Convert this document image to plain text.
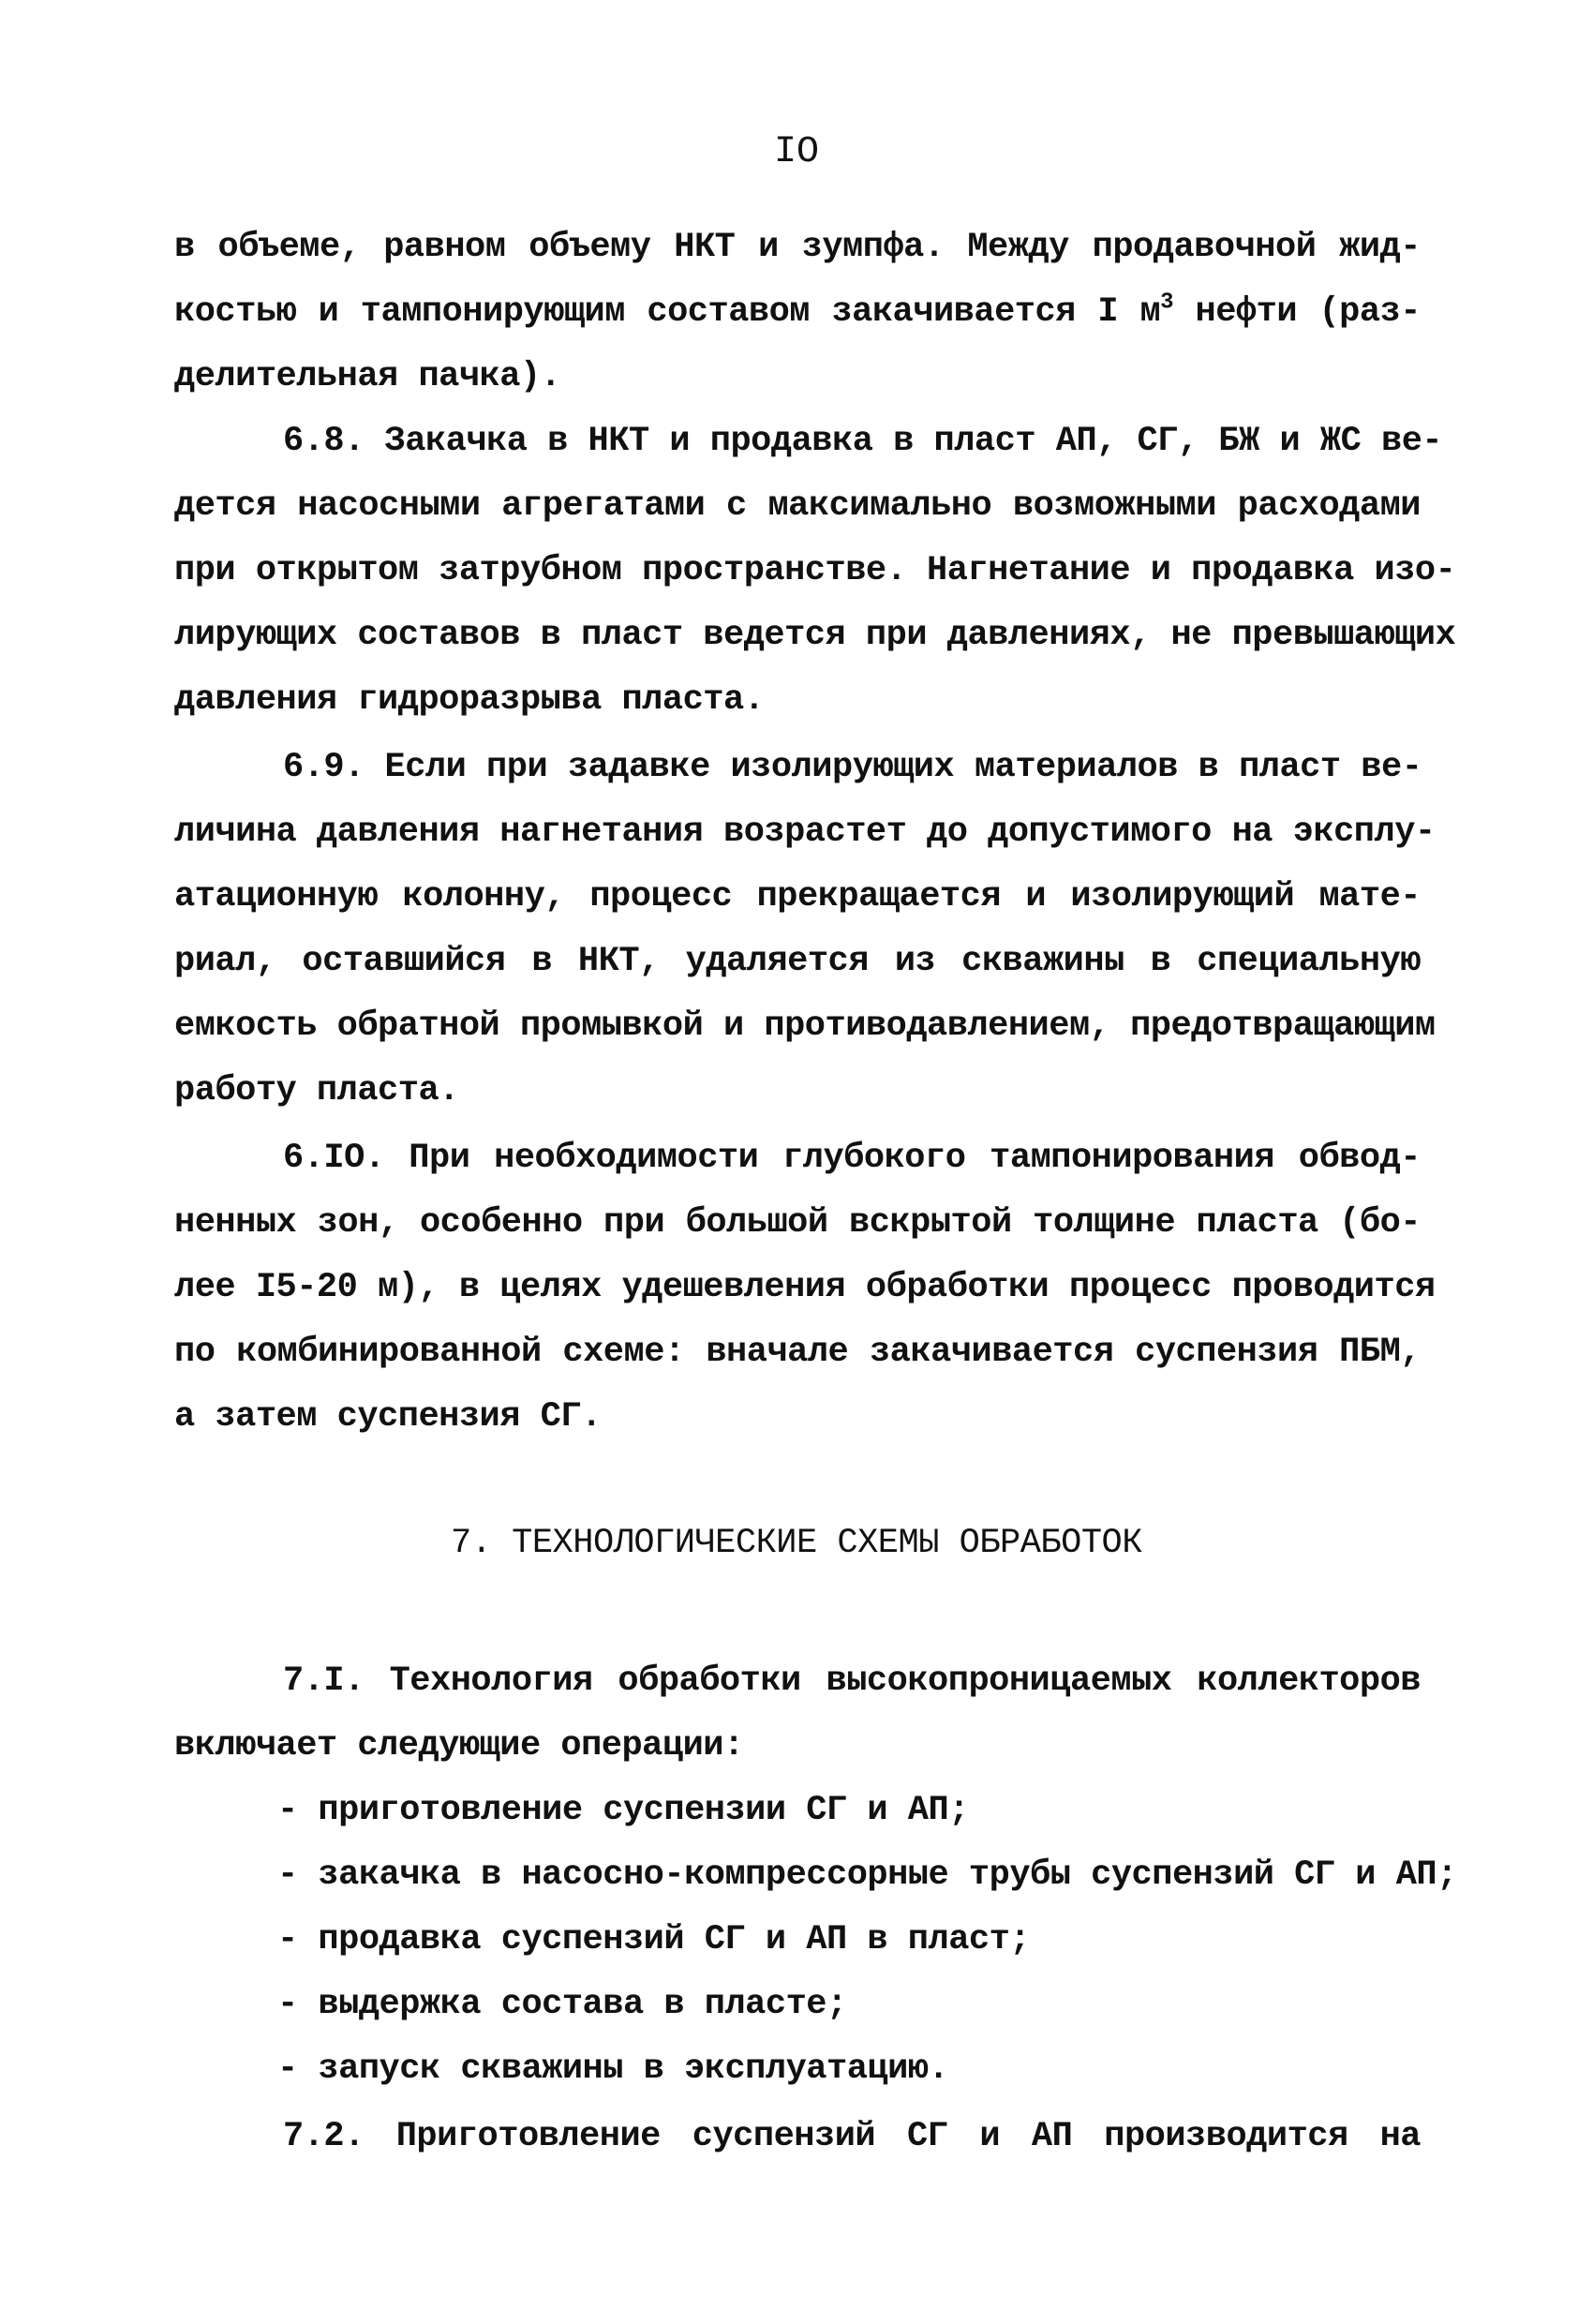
IO
в объеме, равном объему НКТ и зумпфа. Между продавочной жид-
костью и тампонирующим составом закачивается I $м^3$ нефти (раз-
делительная пачка).
6.8. Закачка в НКТ и продавка в пласт АП, СГ, БЖ и ЖС ве-
дется насосными агрегатами с максимально возможными расходами
при открытом затрубном пространстве. Нагнетание и продавка изо-
лирующих составов в пласт ведется при давлениях, не превышающих
давления гидроразрыва пласта.
6.9. Если при задавке изолирующих материалов в пласт ве-
личина давления нагнетания возрастет до допустимого на эксплу-
атационную колонну, процесс прекращается и изолирующий мате-
риал, оставшийся в НКТ, удаляется из скважины в специальную
емкость обратной промывкой и противодавлением, предотвращающим
работу пласта.
6.IO. При необходимости глубокого тампонирования обвод-
ненных зон, особенно при большой вскрытой толщине пласта (бо-
лее I5-20 м), в целях удешевления обработки процесс проводится
по комбинированной схеме: вначале закачивается суспензия ПБМ,
а затем суспензия СГ.
7. ТЕХНОЛОГИЧЕСКИЕ СХЕМЫ ОБРАБОТОК
7.I. Технология обработки высокопроницаемых коллекторов
включает следующие операции:
- приготовление суспензии СГ и АП;
- закачка в насосно-компрессорные трубы суспензий СГ и АП;
- продавка суспензий СГ и АП в пласт;
- выдержка состава в пласте;
- запуск скважины в эксплуатацию.
7.2. Приготовление суспензий СГ и АП производится на
